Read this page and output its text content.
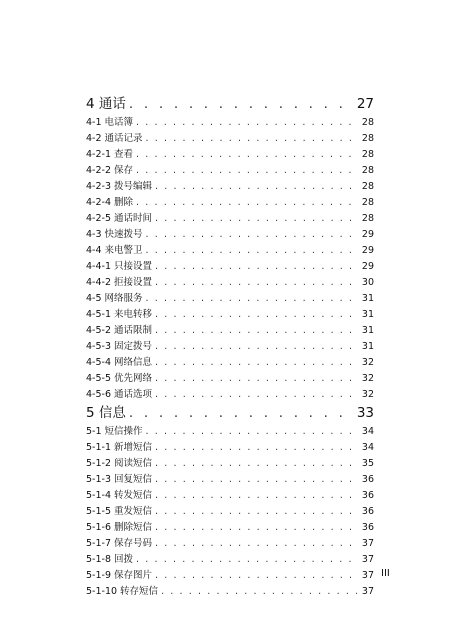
4 通话 . . .	27
4-1 电话簿 . . .	28
4-2 通话记录 . . .	28
4-2-1 查看 . . .	28
4-2-2 保存 . . .	28
4-2-3 拨号编辑 . . .	28
4-2-4 删除 . . .	28
4-2-5 通话时间 . . .	28
4-3 快速拨号 . . .	29
4-4 来电警卫 . . .	29
4-4-1 只接设置 . . .	29
4-4-2 拒接设置 . . .	30
4-5 网络服务 . . .	31
4-5-1 来电转移 . . .	31
4-5-2 通话限制 . . .	31
4-5-3 固定拨号 . . .	31
4-5-4 网络信息 . . .	32
4-5-5 优先网络 . . .	32
4-5-6 通话选项 . . .	32
5 信息 . . .	33
5-1 短信操作 . . .	34
5-1-1 新增短信 . . .	34
5-1-2 阅读短信 . . .	35
5-1-3 回复短信 . . .	36
5-1-4 转发短信 . . .	36
5-1-5 重发短信 . . .	36
5-1-6 删除短信 . . .	36
5-1-7 保存号码 . . .	37
5-1-8 回拨 . . .	37
5-1-9 保存图片 . . .	37
5-1-10 转存短信 . . .	37
III
